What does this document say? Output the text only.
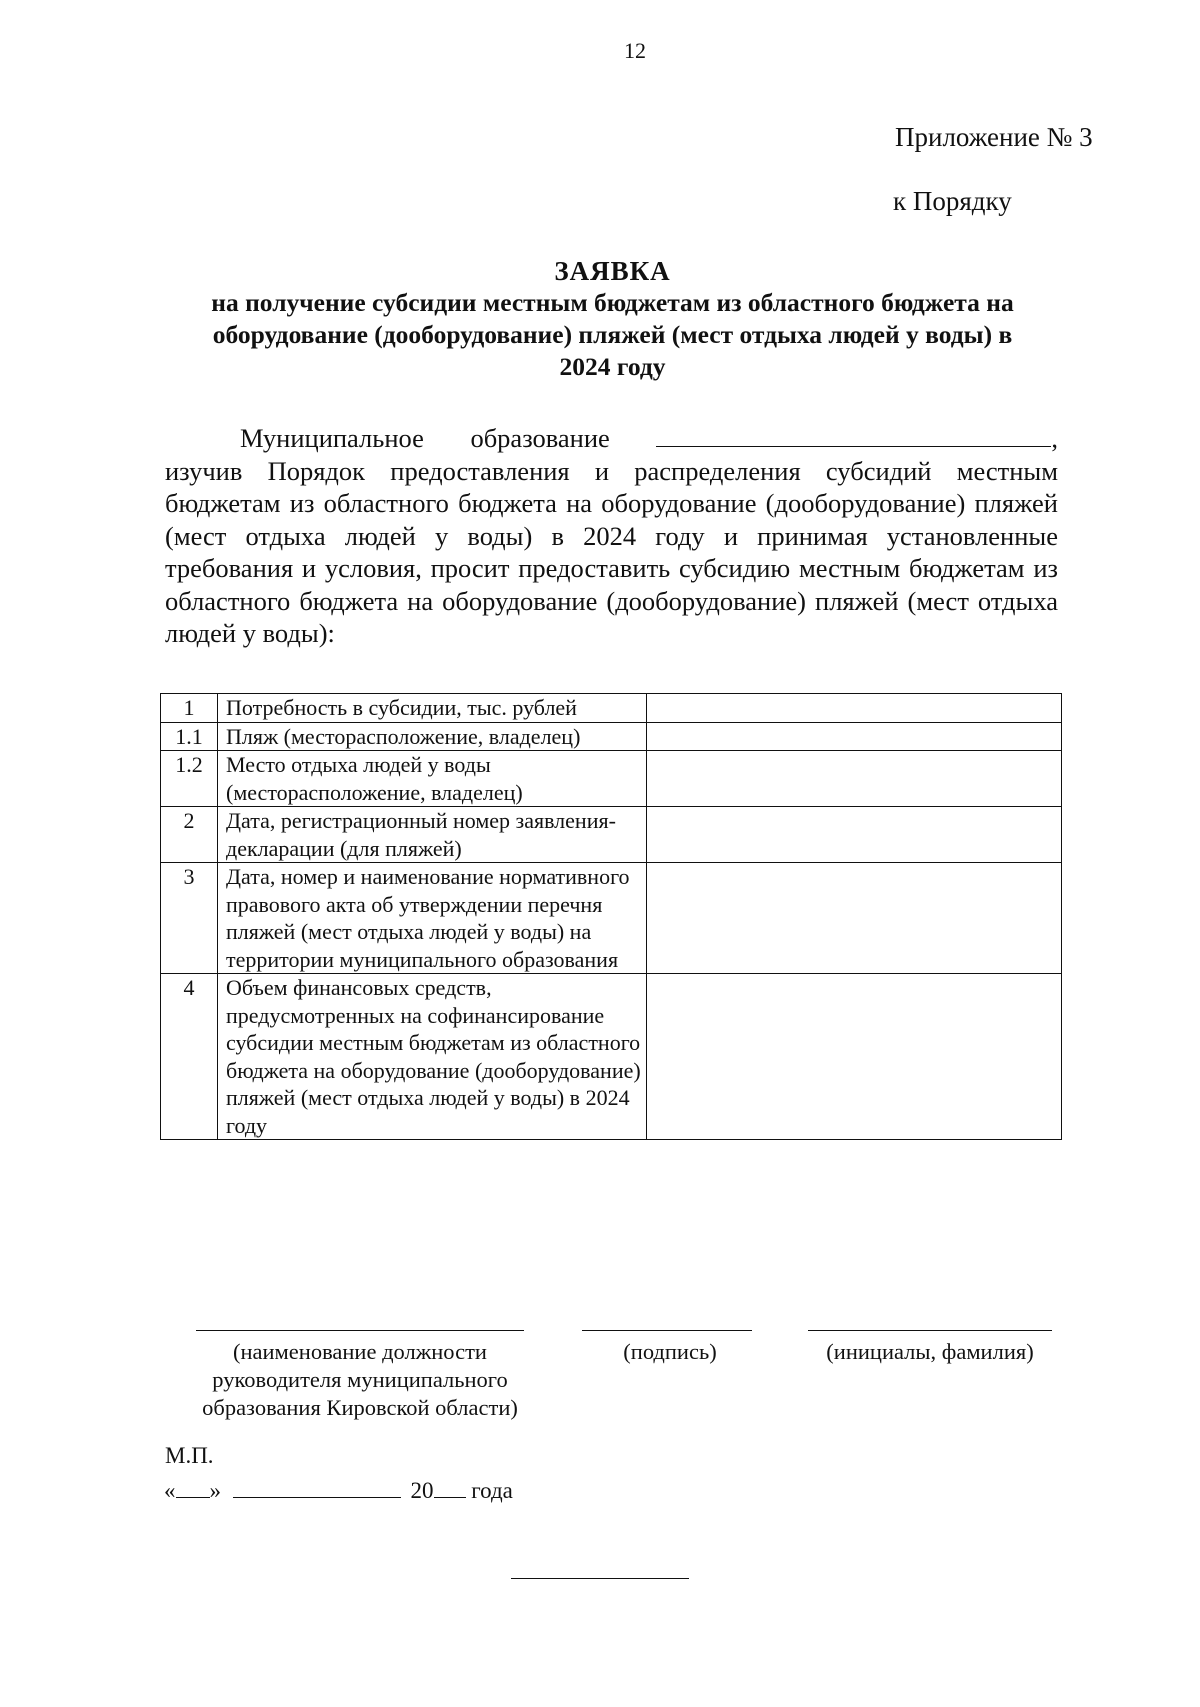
12
Приложение № 3
к Порядку
ЗАЯВКА
на получение субсидии местным бюджетам из областного бюджета на
оборудование (дооборудование) пляжей (мест отдыха людей у воды) в
2024 году
Муниципальное образование	,
изучив Порядок предоставления и распределения субсидий местным бюджетам из областного бюджета на оборудование (дооборудование) пляжей (мест отдыха людей у воды) в 2024 году и принимая установленные требования и условия, просит предоставить субсидию местным бюджетам из областного бюджета на оборудование (дооборудование) пляжей (мест отдыха людей у воды):
1	Потребность в субсидии, тыс. рублей	
1.1	Пляж (месторасположение, владелец)	
1.2	Место отдыха людей у воды (месторасположение, владелец)	
2	Дата, регистрационный номер заявления-декларации (для пляжей)	
3	Дата, номер и наименование нормативного правового акта об утверждении перечня пляжей (мест отдыха людей у воды) на территории муниципального образования	
4	Объем финансовых средств, предусмотренных на софинансирование субсидии местным бюджетам из областного бюджета на оборудование (дооборудование) пляжей (мест отдыха людей у воды) в 2024 году	
(наименование должности руководителя муниципального образования Кировской области)
(подпись)	(инициалы, фамилия)
М.П.
« »	20 года
